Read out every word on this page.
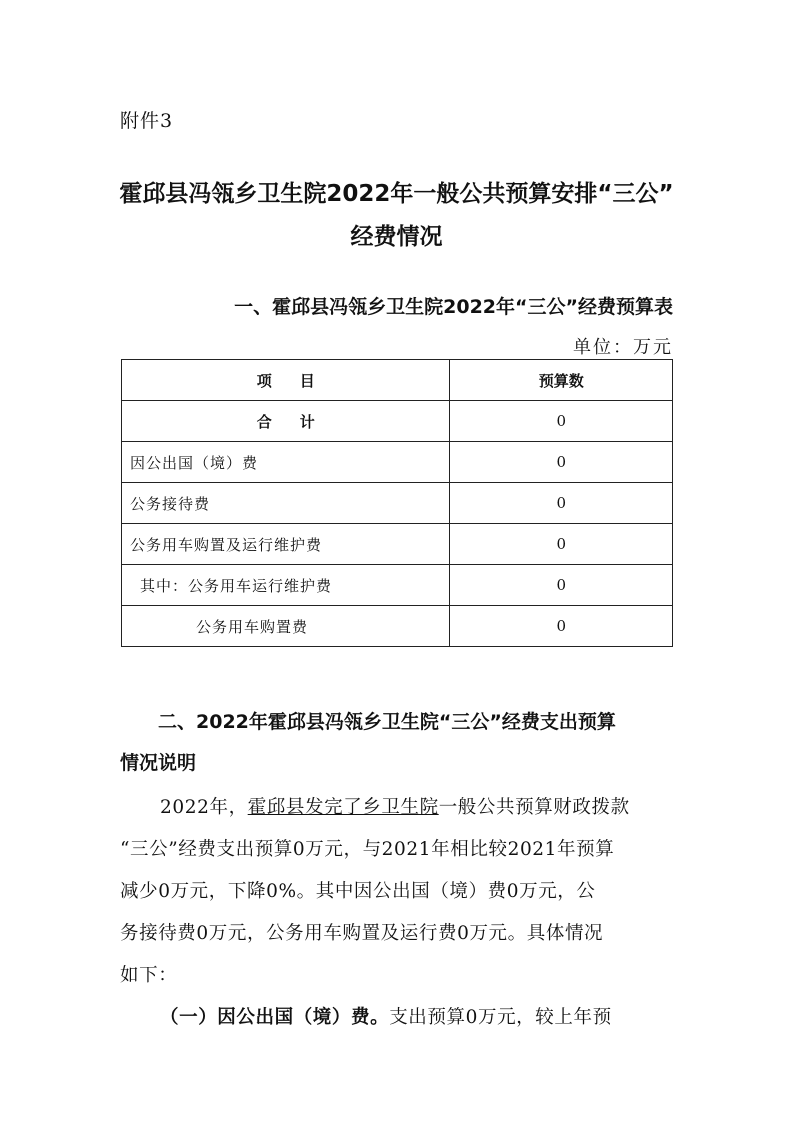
附件3
霍邱县冯瓴乡卫生院2022年一般公共预算安排“三公”
经费情况
一、霍邱县冯瓴乡卫生院2022年“三公”经费预算表
单位：万元
项目	预算数
合计	0
因公出国（境）费	0
公务接待费	0
公务用车购置及运行维护费	0
其中：公务用车运行维护费	0
公务用车购置费	0
二、2022年霍邱县冯瓴乡卫生院“三公”经费支出预算
情况说明
2022年，霍邱县发完了乡卫生院一般公共预算财政拨款
“三公”经费支出预算0万元，与2021年相比较2021年预算
减少0万元，下降0%。其中因公出国（境）费0万元，公
务接待费0万元，公务用车购置及运行费0万元。具体情况
如下：
（一）因公出国（境）费。支出预算0万元，较上年预
